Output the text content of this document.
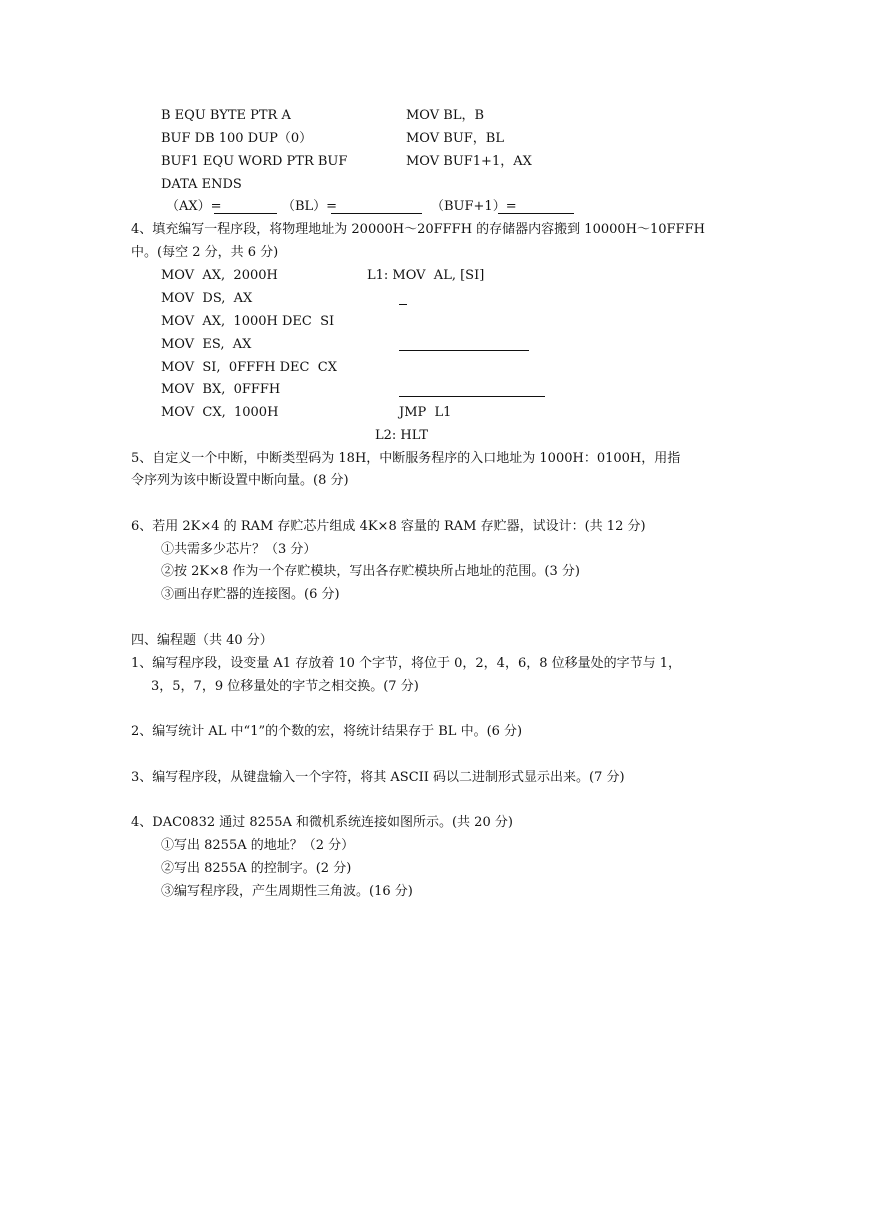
B EQU BYTE PTR A
BUF DB 100 DUP（0）
BUF1 EQU WORD PTR BUF
DATA ENDS
MOV BL，B
MOV BUF，BL
MOV BUF1+1，AX
（AX）=	（BL）=	（BUF+1）=
4、填充编写一程序段，将物理地址为 20000H～20FFFH 的存储器内容搬到 10000H～10FFFH
中。(每空 2 分，共 6 分)
MOV  AX,  2000H
MOV  DS,  AX
MOV  AX,  1000H DEC  SI
MOV  ES,  AX
MOV  SI,  0FFFH DEC  CX
MOV  BX,  0FFFH
MOV  CX,  1000H
L1: MOV  AL, [SI]
JMP  L1
L2: HLT
5、自定义一个中断，中断类型码为 18H，中断服务程序的入口地址为 1000H：0100H，用指
令序列为该中断设置中断向量。(8 分)
6、若用 2K×4 的 RAM 存贮芯片组成 4K×8 容量的 RAM 存贮器，试设计：(共 12 分)
①共需多少芯片？（3 分）
②按 2K×8 作为一个存贮模块，写出各存贮模块所占地址的范围。(3 分)
③画出存贮器的连接图。(6 分)
四、编程题（共 40 分）
1、编写程序段，设变量 A1 存放着 10 个字节，将位于 0，2，4，6，8 位移量处的字节与 1，
3，5，7，9 位移量处的字节之相交换。(7 分)
2、编写统计 AL 中“1”的个数的宏，将统计结果存于 BL 中。(6 分)
3、编写程序段，从键盘输入一个字符，将其 ASCII 码以二进制形式显示出来。(7 分)
4、DAC0832 通过 8255A 和微机系统连接如图所示。(共 20 分)
①写出 8255A 的地址？（2 分）
②写出 8255A 的控制字。(2 分)
③编写程序段，产生周期性三角波。(16 分)
